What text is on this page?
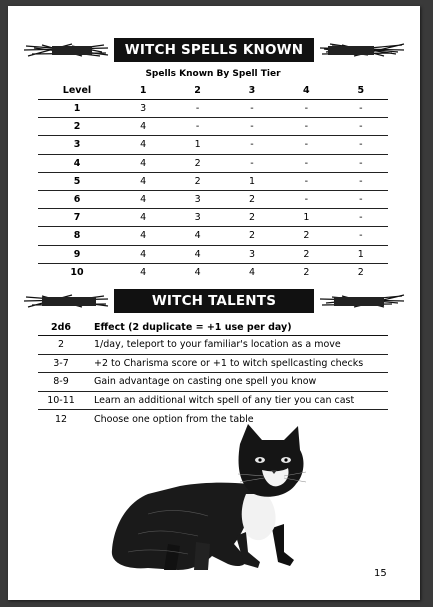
WITCH SPELLS KNOWN
Spells Known By Spell Tier
Level	1	2	3	4	5
1	3	-	-	-	-
2	4	-	-	-	-
3	4	1	-	-	-
4	4	2	-	-	-
5	4	2	1	-	-
6	4	3	2	-	-
7	4	3	2	1	-
8	4	4	2	2	-
9	4	4	3	2	1
10	4	4	4	2	2
WITCH TALENTS
2d6	Effect (2 duplicate = +1 use per day)
2	1/day, teleport to your familiar's location as a move
3-7	+2 to Charisma score or +1 to witch spellcasting checks
8-9	Gain advantage on casting one spell you know
10-11	Learn an additional witch spell of any tier you can cast
12	Choose one option from the table
15
